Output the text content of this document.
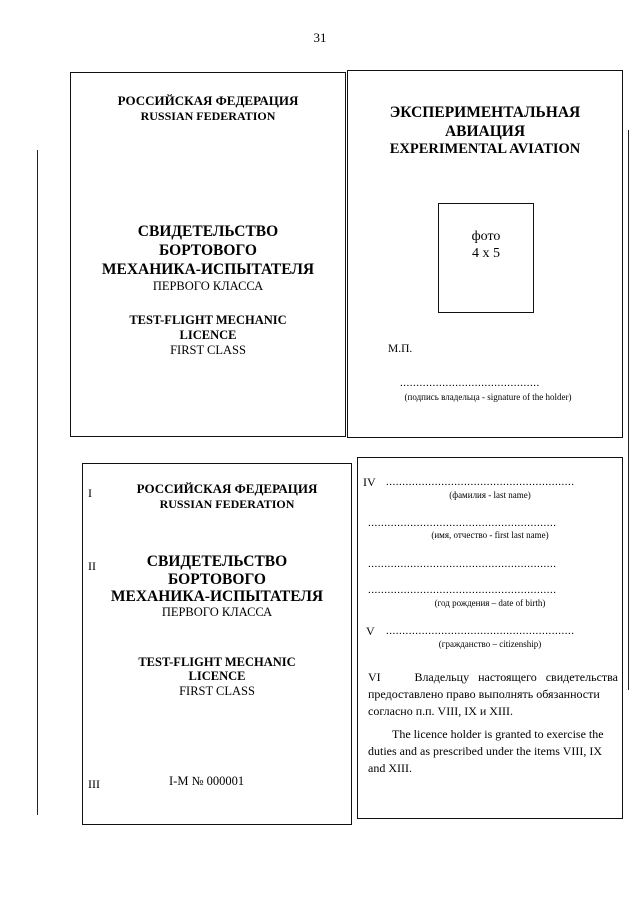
31
РОССИЙСКАЯ ФЕДЕРАЦИЯ
RUSSIAN FEDERATION
СВИДЕТЕЛЬСТВО
БОРТОВОГО
МЕХАНИКА-ИСПЫТАТЕЛЯ
ПЕРВОГО КЛАССА
TEST-FLIGHT MECHANIC
LICENCE
FIRST CLASS
ЭКСПЕРИМЕНТАЛЬНАЯ
АВИАЦИЯ
EXPERIMENTAL AVIATION
фото
4 x 5
М.П.
...........................................
(подпись владельца - signature of the holder)
I	РОССИЙСКАЯ ФЕДЕРАЦИЯ
RUSSIAN FEDERATION
II	СВИДЕТЕЛЬСТВО
БОРТОВОГО
МЕХАНИКА-ИСПЫТАТЕЛЯ
ПЕРВОГО КЛАССА
TEST-FLIGHT MECHANIC
LICENCE
FIRST CLASS
III	I-M № 000001
IV ..........................................................
(фамилия - last name)
..........................................................
(имя, отчество - first last name)
..........................................................
..........................................................
(год рождения – date of birth)
V ..........................................................
(гражданство – citizenship)
VI	Владельцу   настоящего   свидетельства
предоставлено право выполнять обязанности
согласно п.п. VIII, IX и XIII.
The licence holder is granted to exercise the
duties and as prescribed under the items VIII, IX
and XIII.
